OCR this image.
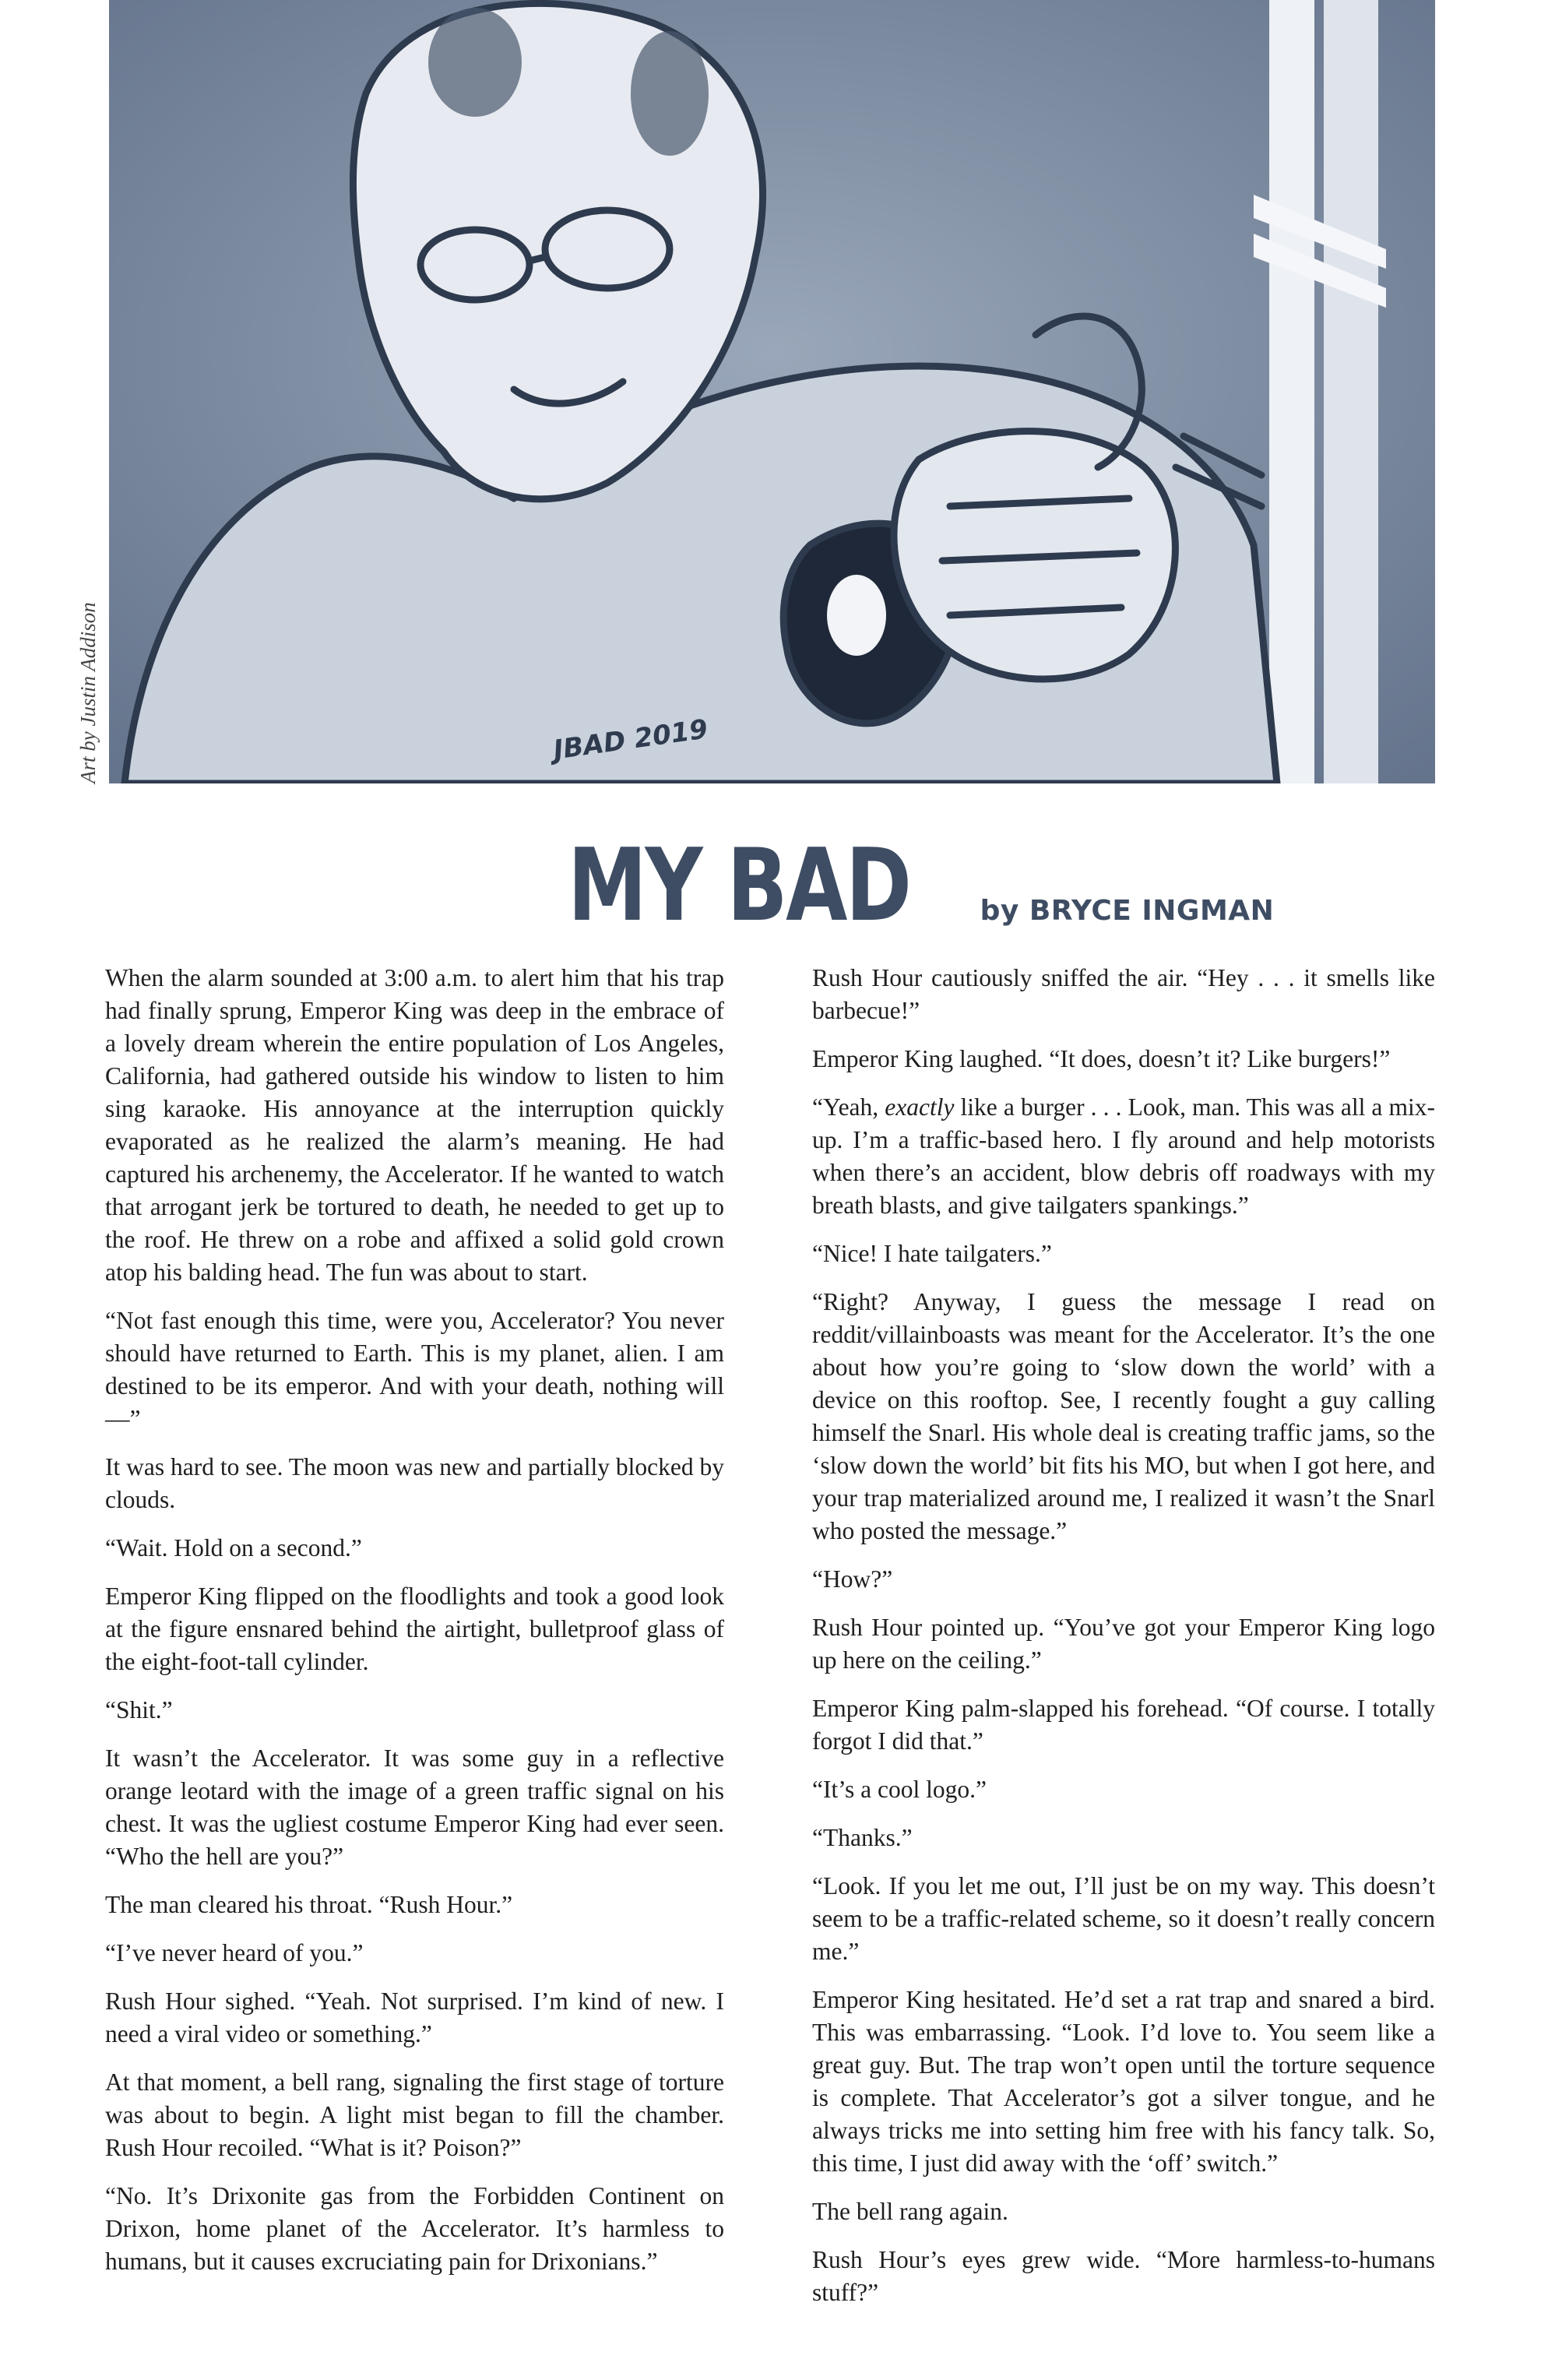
JBAD 2019
Art by Justin Addison
MY BAD by BRYCE INGMAN

When the alarm sounded at 3:00 a.m. to alert him that his trap had finally sprung, Emperor King was deep in the embrace of a lovely dream wherein the entire population of Los Angeles, California, had gathered outside his window to listen to him sing karaoke. His annoyance at the interruption quickly evaporated as he realized the alarm’s meaning. He had captured his archenemy, the Accelerator. If he wanted to watch that arrogant jerk be tortured to death, he needed to get up to the roof. He threw on a robe and affixed a solid gold crown atop his balding head. The fun was about to start.

“Not fast enough this time, were you, Accelerator? You never should have returned to Earth. This is my planet, alien. I am destined to be its emperor. And with your death, nothing will—”

It was hard to see. The moon was new and partially blocked by clouds.

“Wait. Hold on a second.”

Emperor King flipped on the floodlights and took a good look at the figure ensnared behind the airtight, bulletproof glass of the eight-foot-tall cylinder.

“Shit.”

It wasn’t the Accelerator. It was some guy in a reflective orange leotard with the image of a green traffic signal on his chest. It was the ugliest costume Emperor King had ever seen. “Who the hell are you?”

The man cleared his throat. “Rush Hour.”

“I’ve never heard of you.”

Rush Hour sighed. “Yeah. Not surprised. I’m kind of new. I need a viral video or something.”

At that moment, a bell rang, signaling the first stage of torture was about to begin. A light mist began to fill the chamber. Rush Hour recoiled. “What is it? Poison?”

“No. It’s Drixonite gas from the Forbidden Continent on Drixon, home planet of the Accelerator. It’s harmless to humans, but it causes excruciating pain for Drixonians.”

Rush Hour cautiously sniffed the air. “Hey . . . it smells like barbecue!”

Emperor King laughed. “It does, doesn’t it? Like burgers!”

“Yeah, exactly like a burger . . . Look, man. This was all a mix-up. I’m a traffic-based hero. I fly around and help motorists when there’s an accident, blow debris off roadways with my breath blasts, and give tailgaters spankings.”

“Nice! I hate tailgaters.”

“Right? Anyway, I guess the message I read on reddit/villainboasts was meant for the Accelerator. It’s the one about how you’re going to ‘slow down the world’ with a device on this rooftop. See, I recently fought a guy calling himself the Snarl. His whole deal is creating traffic jams, so the ‘slow down the world’ bit fits his MO, but when I got here, and your trap materialized around me, I realized it wasn’t the Snarl who posted the message.”

“How?”

Rush Hour pointed up. “You’ve got your Emperor King logo up here on the ceiling.”

Emperor King palm-slapped his forehead. “Of course. I totally forgot I did that.”

“It’s a cool logo.”

“Thanks.”

“Look. If you let me out, I’ll just be on my way. This doesn’t seem to be a traffic-related scheme, so it doesn’t really concern me.”

Emperor King hesitated. He’d set a rat trap and snared a bird. This was embarrassing. “Look. I’d love to. You seem like a great guy. But. The trap won’t open until the torture sequence is complete. That Accelerator’s got a silver tongue, and he always tricks me into setting him free with his fancy talk. So, this time, I just did away with the ‘off’ switch.”

The bell rang again.

Rush Hour’s eyes grew wide. “More harmless-to-humans stuff?”
